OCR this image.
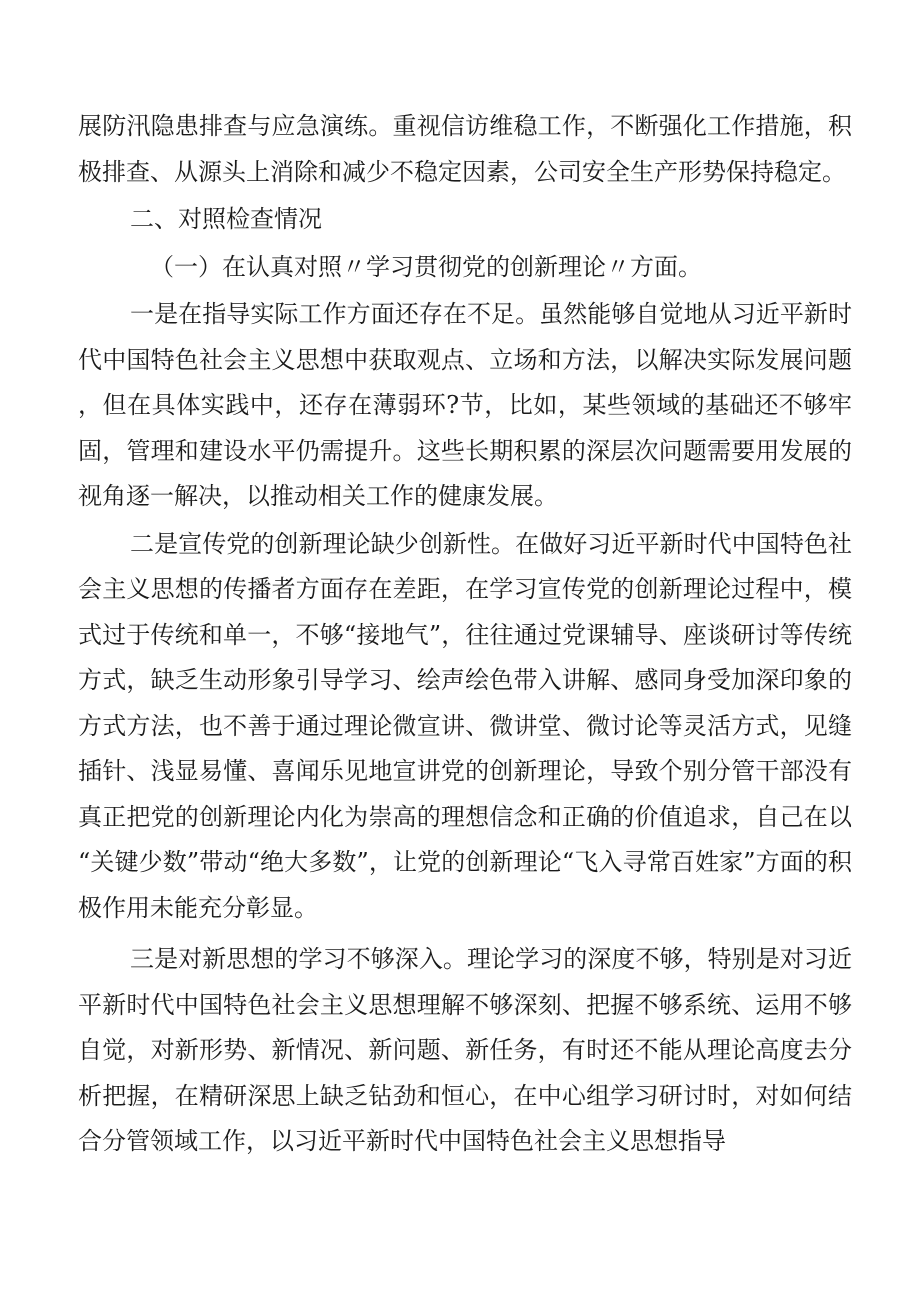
展防汛隐患排查与应急演练。重视信访维稳工作，不断强化工作措施，积极排查、从源头上消除和减少不稳定因素，公司安全生产形势保持稳定。

二、对照检查情况

（一）在认真对照〃学习贯彻党的创新理论〃方面。

一是在指导实际工作方面还存在不足。虽然能够自觉地从习近平新时代中国特色社会主义思想中获取观点、立场和方法，以解决实际发展问题，但在具体实践中，还存在薄弱环?节，比如，某些领域的基础还不够牢固，管理和建设水平仍需提升。这些长期积累的深层次问题需要用发展的视角逐一解决，以推动相关工作的健康发展。

二是宣传党的创新理论缺少创新性。在做好习近平新时代中国特色社会主义思想的传播者方面存在差距，在学习宣传党的创新理论过程中，模式过于传统和单一，不够“接地气”，往往通过党课辅导、座谈研讨等传统方式，缺乏生动形象引导学习、绘声绘色带入讲解、感同身受加深印象的方式方法，也不善于通过理论微宣讲、微讲堂、微讨论等灵活方式，见缝插针、浅显易懂、喜闻乐见地宣讲党的创新理论，导致个别分管干部没有真正把党的创新理论内化为崇高的理想信念和正确的价值追求，自己在以“关键少数”带动“绝大多数”，让党的创新理论“飞入寻常百姓家”方面的积极作用未能充分彰显。

三是对新思想的学习不够深入。理论学习的深度不够，特别是对习近平新时代中国特色社会主义思想理解不够深刻、把握不够系统、运用不够自觉，对新形势、新情况、新问题、新任务，有时还不能从理论高度去分析把握，在精研深思上缺乏钻劲和恒心，在中心组学习研讨时，对如何结合分管领域工作，以习近平新时代中国特色社会主义思想指导
